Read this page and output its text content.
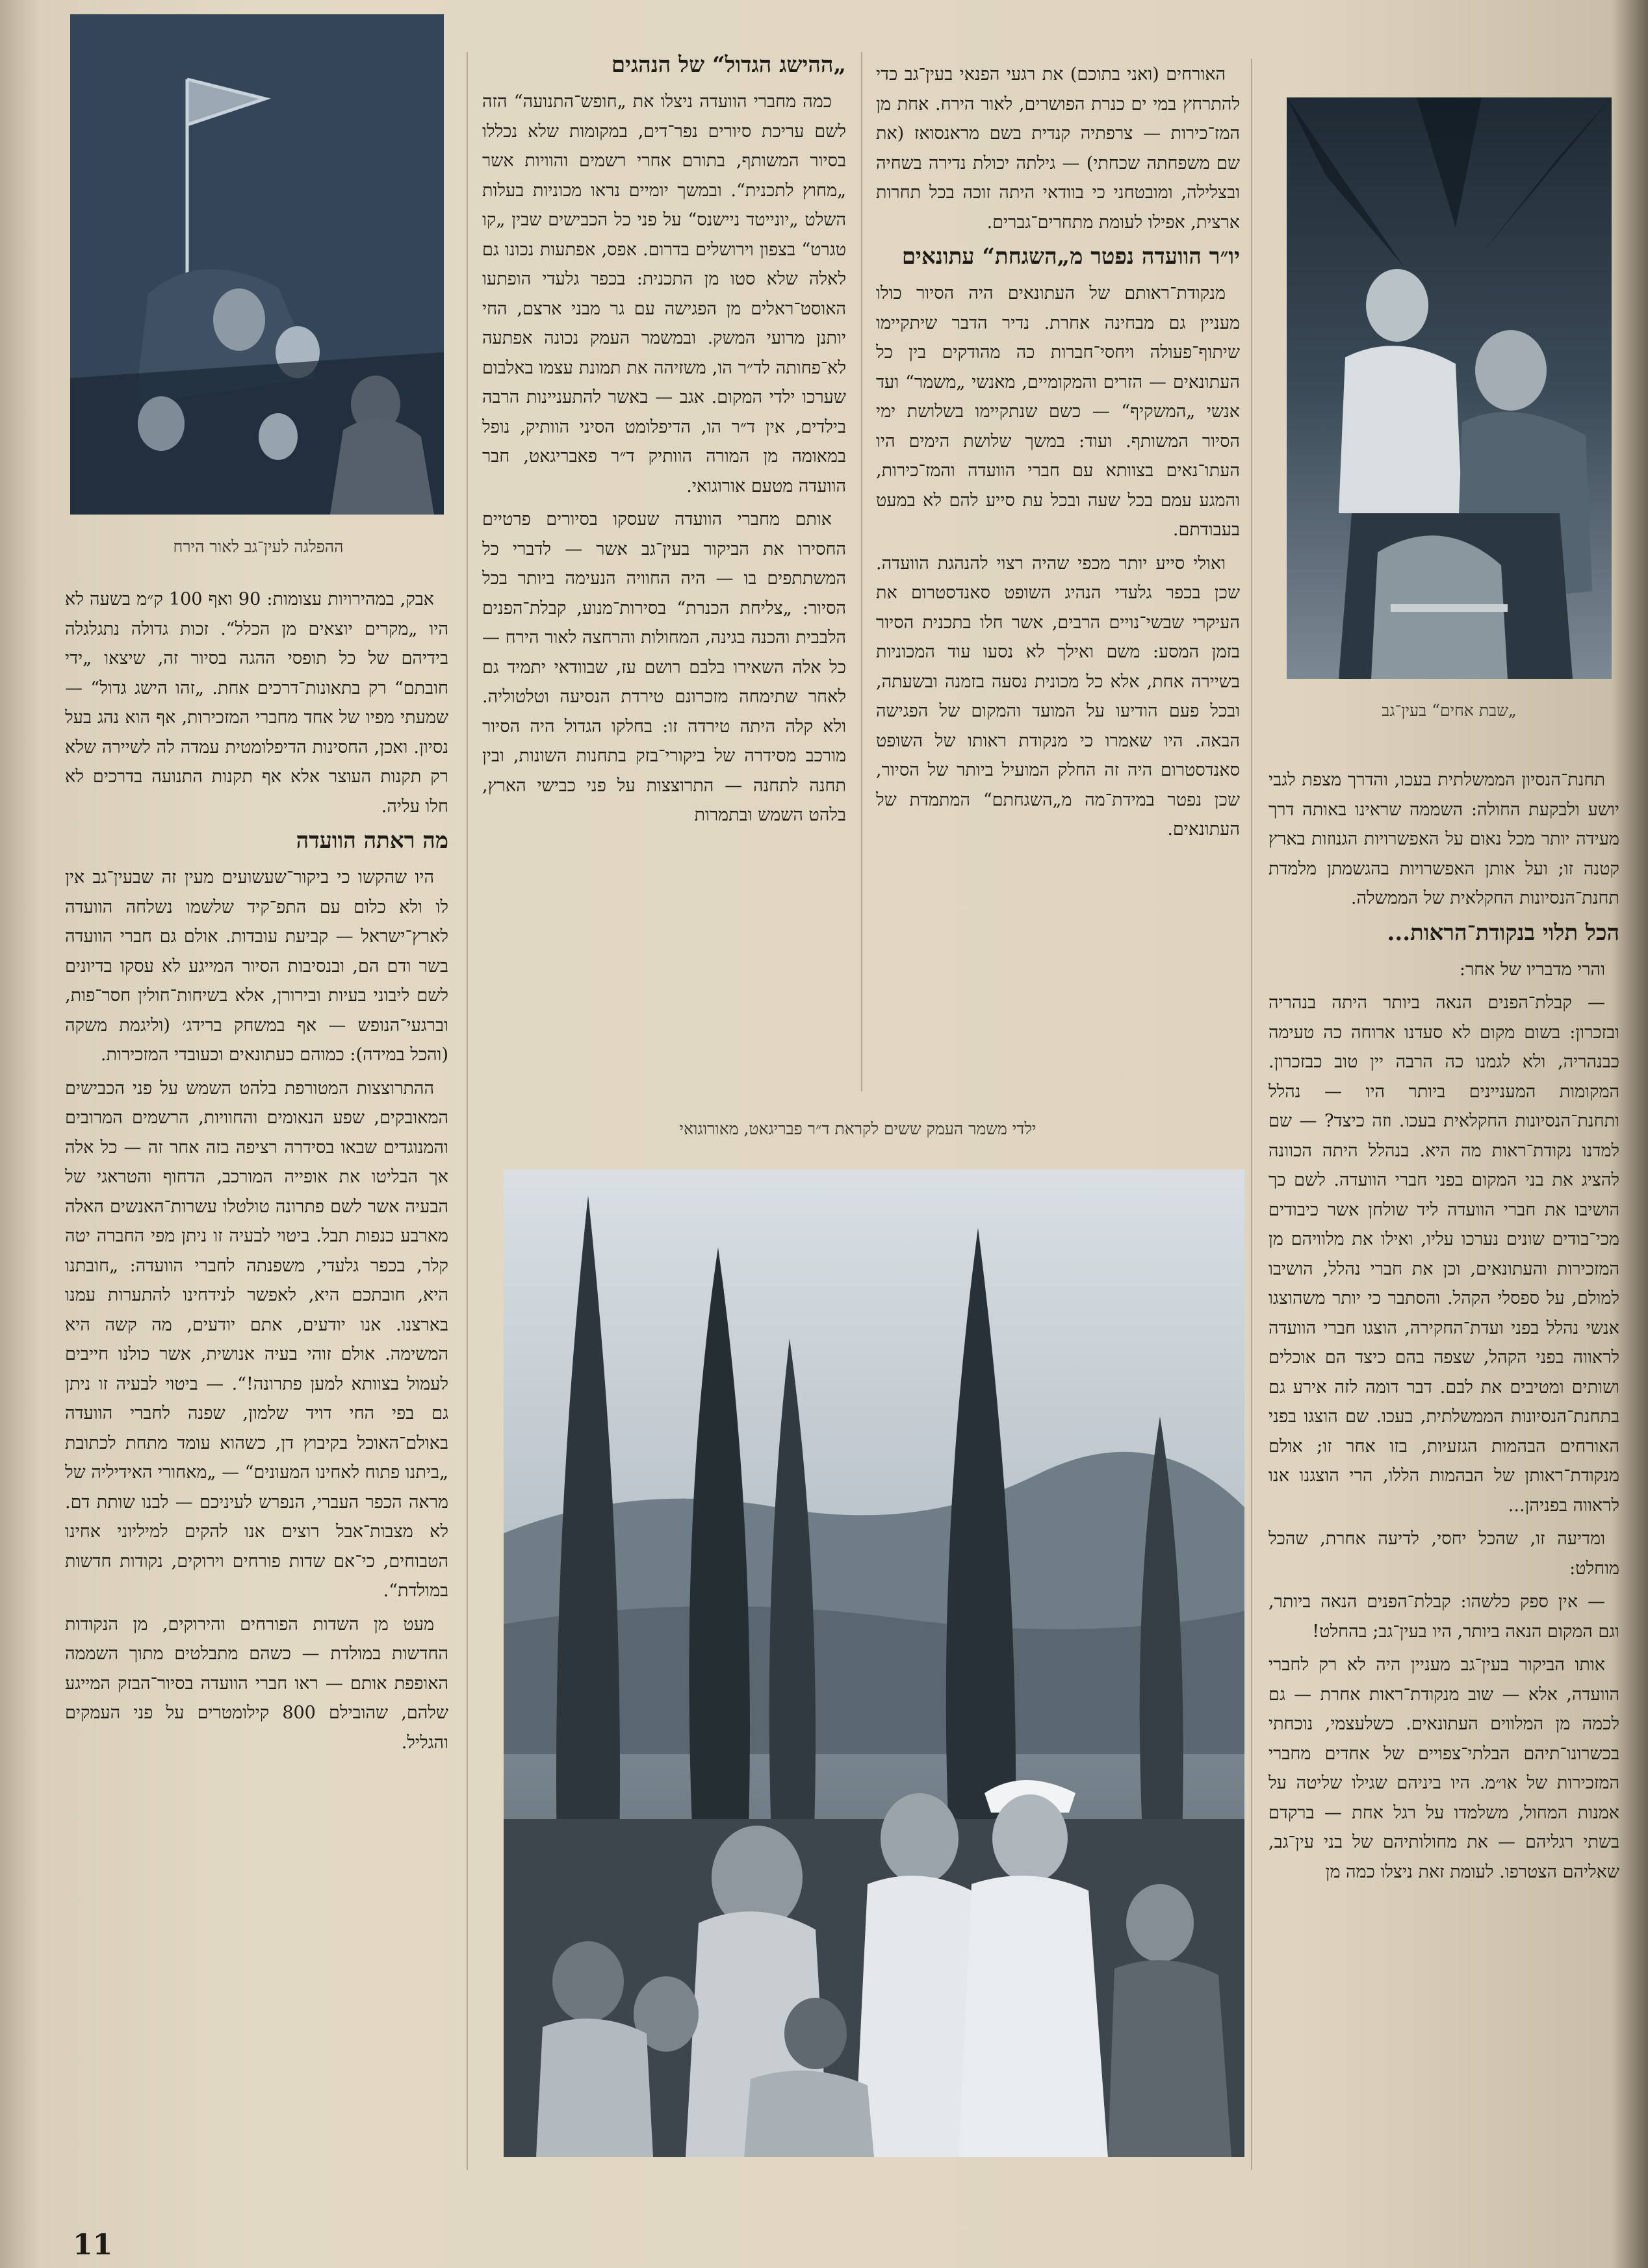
„שבת אחים“ בעין־גב

האורחים (ואני בתוכם) את רגעי הפנאי בעין־גב כדי להתרחץ במי ים כנרת הפושרים, לאור הירח. אחת מן המז־כירות — צרפתיה קנדית בשם מראנסואז (את שם משפחתה שכחתי) — גילתה יכולת נדירה בשחיה ובצלילה, ומובטחני כי בוודאי היתה זוכה בכל תחרות ארצית, אפילו לעומת מתחרים־גברים.

יו״ר הוועדה נפטר מ„השגחת“ עתונאים

מנקודת־ראותם של העתונאים היה הסיור כולו מעניין גם מבחינה אחרת. נדיר הדבר שיתקיימו שיתוף־פעולה ויחסי־חברות כה מהודקים בין כל העתונאים — הזרים והמקומיים, מאנשי „משמר“ ועד אנשי „המשקיף“ — כשם שנתקיימו בשלושת ימי הסיור המשותף. ועוד: במשך שלושת הימים היו העתו־נאים בצוותא עם חברי הוועדה והמז־כירות, והמגע עמם בכל שעה ובכל עת סייע להם לא במעט בעבודתם.

ואולי סייע יותר מכפי שהיה רצוי להנהגת הוועדה. שכן בכפר גלעדי הנהיג השופט סאנדסטרום את העיקרי שבשי־נויים הרבים, אשר חלו בתכנית הסיור בזמן המסע: משם ואילך לא נסעו עוד המכוניות בשיירה אחת, אלא כל מכונית נסעה בזמנה ובשעתה, ובכל פעם הודיעו על המועד והמקום של הפגישה הבאה. היו שאמרו כי מנקודת ראותו של השופט סאנדסטרום היה זה החלק המועיל ביותר של הסיור, שכן נפטר במידת־מה מ„השגחתם“ המתמדת של העתונאים.

תחנת־הנסיון הממשלתית בעכו, והדרך מצפת לגבי יושע ולבקעת החולה: השממה שראינו באותה דרך מעידה יותר מכל נאום על האפשרויות הגנוזות בארץ קטנה זו; ועל אותן האפשרויות בהגשמתן מלמדת תחנת־הנסיונות החקלאית של הממשלה.

הכל תלוי בנקודת־הראות...

והרי מדבריו של אחר:

— קבלת־הפנים הנאה ביותר היתה בנהריה ובזכרון: בשום מקום לא סעדנו ארוחה כה טעימה כבנהריה, ולא לגמנו כה הרבה יין טוב כבזכרון. המקומות המעניינים ביותר היו — נהלל ותחנת־הנסיונות החקלאית בעכו. וזה כיצד? — שם למדנו נקודת־ראות מה היא. בנהלל היתה הכוונה להציג את בני המקום בפני חברי הוועדה. לשם כך הושיבו את חברי הוועדה ליד שולחן אשר כיבודים מכי־בודים שונים נערכו עליו, ואילו את מלוויהם מן המזכירות והעתונאים, וכן את חברי נהלל, הושיבו למולם, על ספסלי הקהל. והסתבר כי יותר משהוצגו אנשי נהלל בפני ועדת־החקירה, הוצגו חברי הוועדה לראווה בפני הקהל, שצפה בהם כיצד הם אוכלים ושותים ומטיבים את לבם. דבר דומה לזה אירע גם בתחנת־הנסיונות הממשלתית, בעכו. שם הוצגו בפני האורחים הבהמות הגזעיות, בזו אחר זו; אולם מנקודת־ראותן של הבהמות הללו, הרי הוצגנו אנו לראווה בפניהן...

ומדיעה זו, שהכל יחסי, לדיעה אחרת, שהכל מוחלט:

— אין ספק כלשהו: קבלת־הפנים הנאה ביותר, וגם המקום הנאה ביותר, היו בעין־גב; בהחלט!

אותו הביקור בעין־גב מעניין היה לא רק לחברי הוועדה, אלא — שוב מנקודת־ראות אחרת — גם לכמה מן המלווים העתונאים. כשלעצמי, נוכחתי בכשרונו־תיהם הבלתי־צפויים של אחדים מחברי המזכירות של או״מ. היו ביניהם שגילו שליטה על אמנות המחול, משלמדו על רגל אחת — ברקדם בשתי רגליהם — את מחולותיהם של בני עין־גב, שאליהם הצטרפו. לעומת זאת ניצלו כמה מן

„ההישג הגדול“ של הנהגים

כמה מחברי הוועדה ניצלו את „חופש־התנועה“ הזה לשם עריכת סיורים נפר־דים, במקומות שלא נכללו בסיור המשותף, בתורם אחרי רשמים והוויות אשר „מחוץ לתכנית“. ובמשך יומיים נראו מכוניות בעלות השלט „יונייטד ניישנס“ על פני כל הכבישים שבין „קו טגרט“ בצפון וירושלים בדרום. אפס, אפתעות נכונו גם לאלה שלא סטו מן התכנית: בכפר גלעדי הופתעו האוסט־ראלים מן הפגישה עם גר מבני ארצם, החי יותנן מרועי המשק. ובמשמר העמק נכונה אפתעה לא־פחותה לד״ר הו, משזיהה את תמונת עצמו באלבום שערכו ילדי המקום. אגב — באשר להתעניינות הרבה בילדים, אין ד״ר הו, הדיפלומט הסיני הוותיק, נופל במאומה מן המורה הוותיק ד״ר פאבריגאט, חבר הוועדה מטעם אורוגואי.

אותם מחברי הוועדה שעסקו בסיורים פרטיים החסירו את הביקור בעין־גב אשר — לדברי כל המשתתפים בו — היה החוויה הנעימה ביותר בכל הסיור: „צליחת הכנרת“ בסירות־מנוע, קבלת־הפנים הלבבית והכנה בגינה, המחולות והרחצה לאור הירח — כל אלה השאירו בלבם רושם עז, שבוודאי יתמיד גם לאחר שתימחה מזכרונם טירדת הנסיעה וטלטוליה. ולא קלה היתה טירדה זו: בחלקו הגדול היה הסיור מורכב מסידרה של ביקורי־בזק בתחנות השונות, ובין תחנה לתחנה — התרוצצות על פני כבישי הארץ, בלהט השמש ובתמרות

ההפלגה לעין־גב לאור הירח

אבק, במהירויות עצומות: 90 ואף 100 ק״מ בשעה לא היו „מקרים יוצאים מן הכלל“. זכות גדולה נתגלגלה בידיהם של כל תופסי ההגה בסיור זה, שיצאו „ידי חובתם“ רק בתאונות־דרכים אחת. „זהו הישג גדול“ — שמעתי מפיו של אחד מחברי המזכירות, אף הוא נהג בעל נסיון. ואכן, החסינות הדיפלומטית עמדה לה לשיירה שלא רק תקנות העוצר אלא אף תקנות התנועה בדרכים לא חלו עליה.

מה ראתה הוועדה

היו שהקשו כי ביקור־שעשועים מעין זה שבעין־גב אין לו ולא כלום עם התפ־קיד שלשמו נשלחה הוועדה לארץ־ישראל — קביעת עובדות. אולם גם חברי הוועדה בשר ודם הם, ובנסיבות הסיור המייגע לא עסקו בדיונים לשם ליבוני בעיות ובירורן, אלא בשיחות־חולין חסר־פות, וברגעי־הנופש — אף במשחק ברידג׳ (וליגמת משקה (והכל במידה): כמוהם כעתונאים וכעובדי המזכירות.

ההתרוצצות המטורפת בלהט השמש על פני הכבישים המאובקים, שפע הנאומים והחוויות, הרשמים המרובים והמנוגדים שבאו בסידרה רציפה בזה אחר זה — כל אלה אך הבליטו את אופייה המורכב, הדחוף והטראגי של הבעיה אשר לשם פתרונה טולטלו עשרות־האנשים האלה מארבע כנפות תבל. ביטוי לבעיה זו ניתן מפי החברה יטה קלר, בכפר גלעדי, משפנתה לחברי הוועדה: „חובתנו היא, חובתכם היא, לאפשר לנידחינו להתערות עמנו בארצנו. אנו יודעים, אתם יודעים, מה קשה היא המשימה. אולם זוהי בעיה אנושית, אשר כולנו חייבים לעמול בצוותא למען פתרונה!“. — ביטוי לבעיה זו ניתן גם בפי החי דויד שלמון, שפנה לחברי הוועדה באולם־האוכל בקיבוץ דן, כשהוא עומד מתחת לכתובת „ביתנו פתוח לאחינו המעונים“ — „מאחורי האידיליה של מראה הכפר העברי, הנפרש לעיניכם — לבנו שותת דם. לא מצבות־אבל רוצים אנו להקים למיליוני אחינו הטבוחים, כי־אם שדות פורחים וירוקים, נקודות חדשות במולדת“.

מעט מן השדות הפורחים והירוקים, מן הנקודות החדשות במולדת — כשהם מתבלטים מתוך השממה האופפת אותם — ראו חברי הוועדה בסיור־הבזק המייגע שלהם, שהובילם 800 קילומטרים על פני העמקים והגליל.

ילדי משמר העמק ששים לקראת ד״ר פבריגאט, מאורוגואי
11
